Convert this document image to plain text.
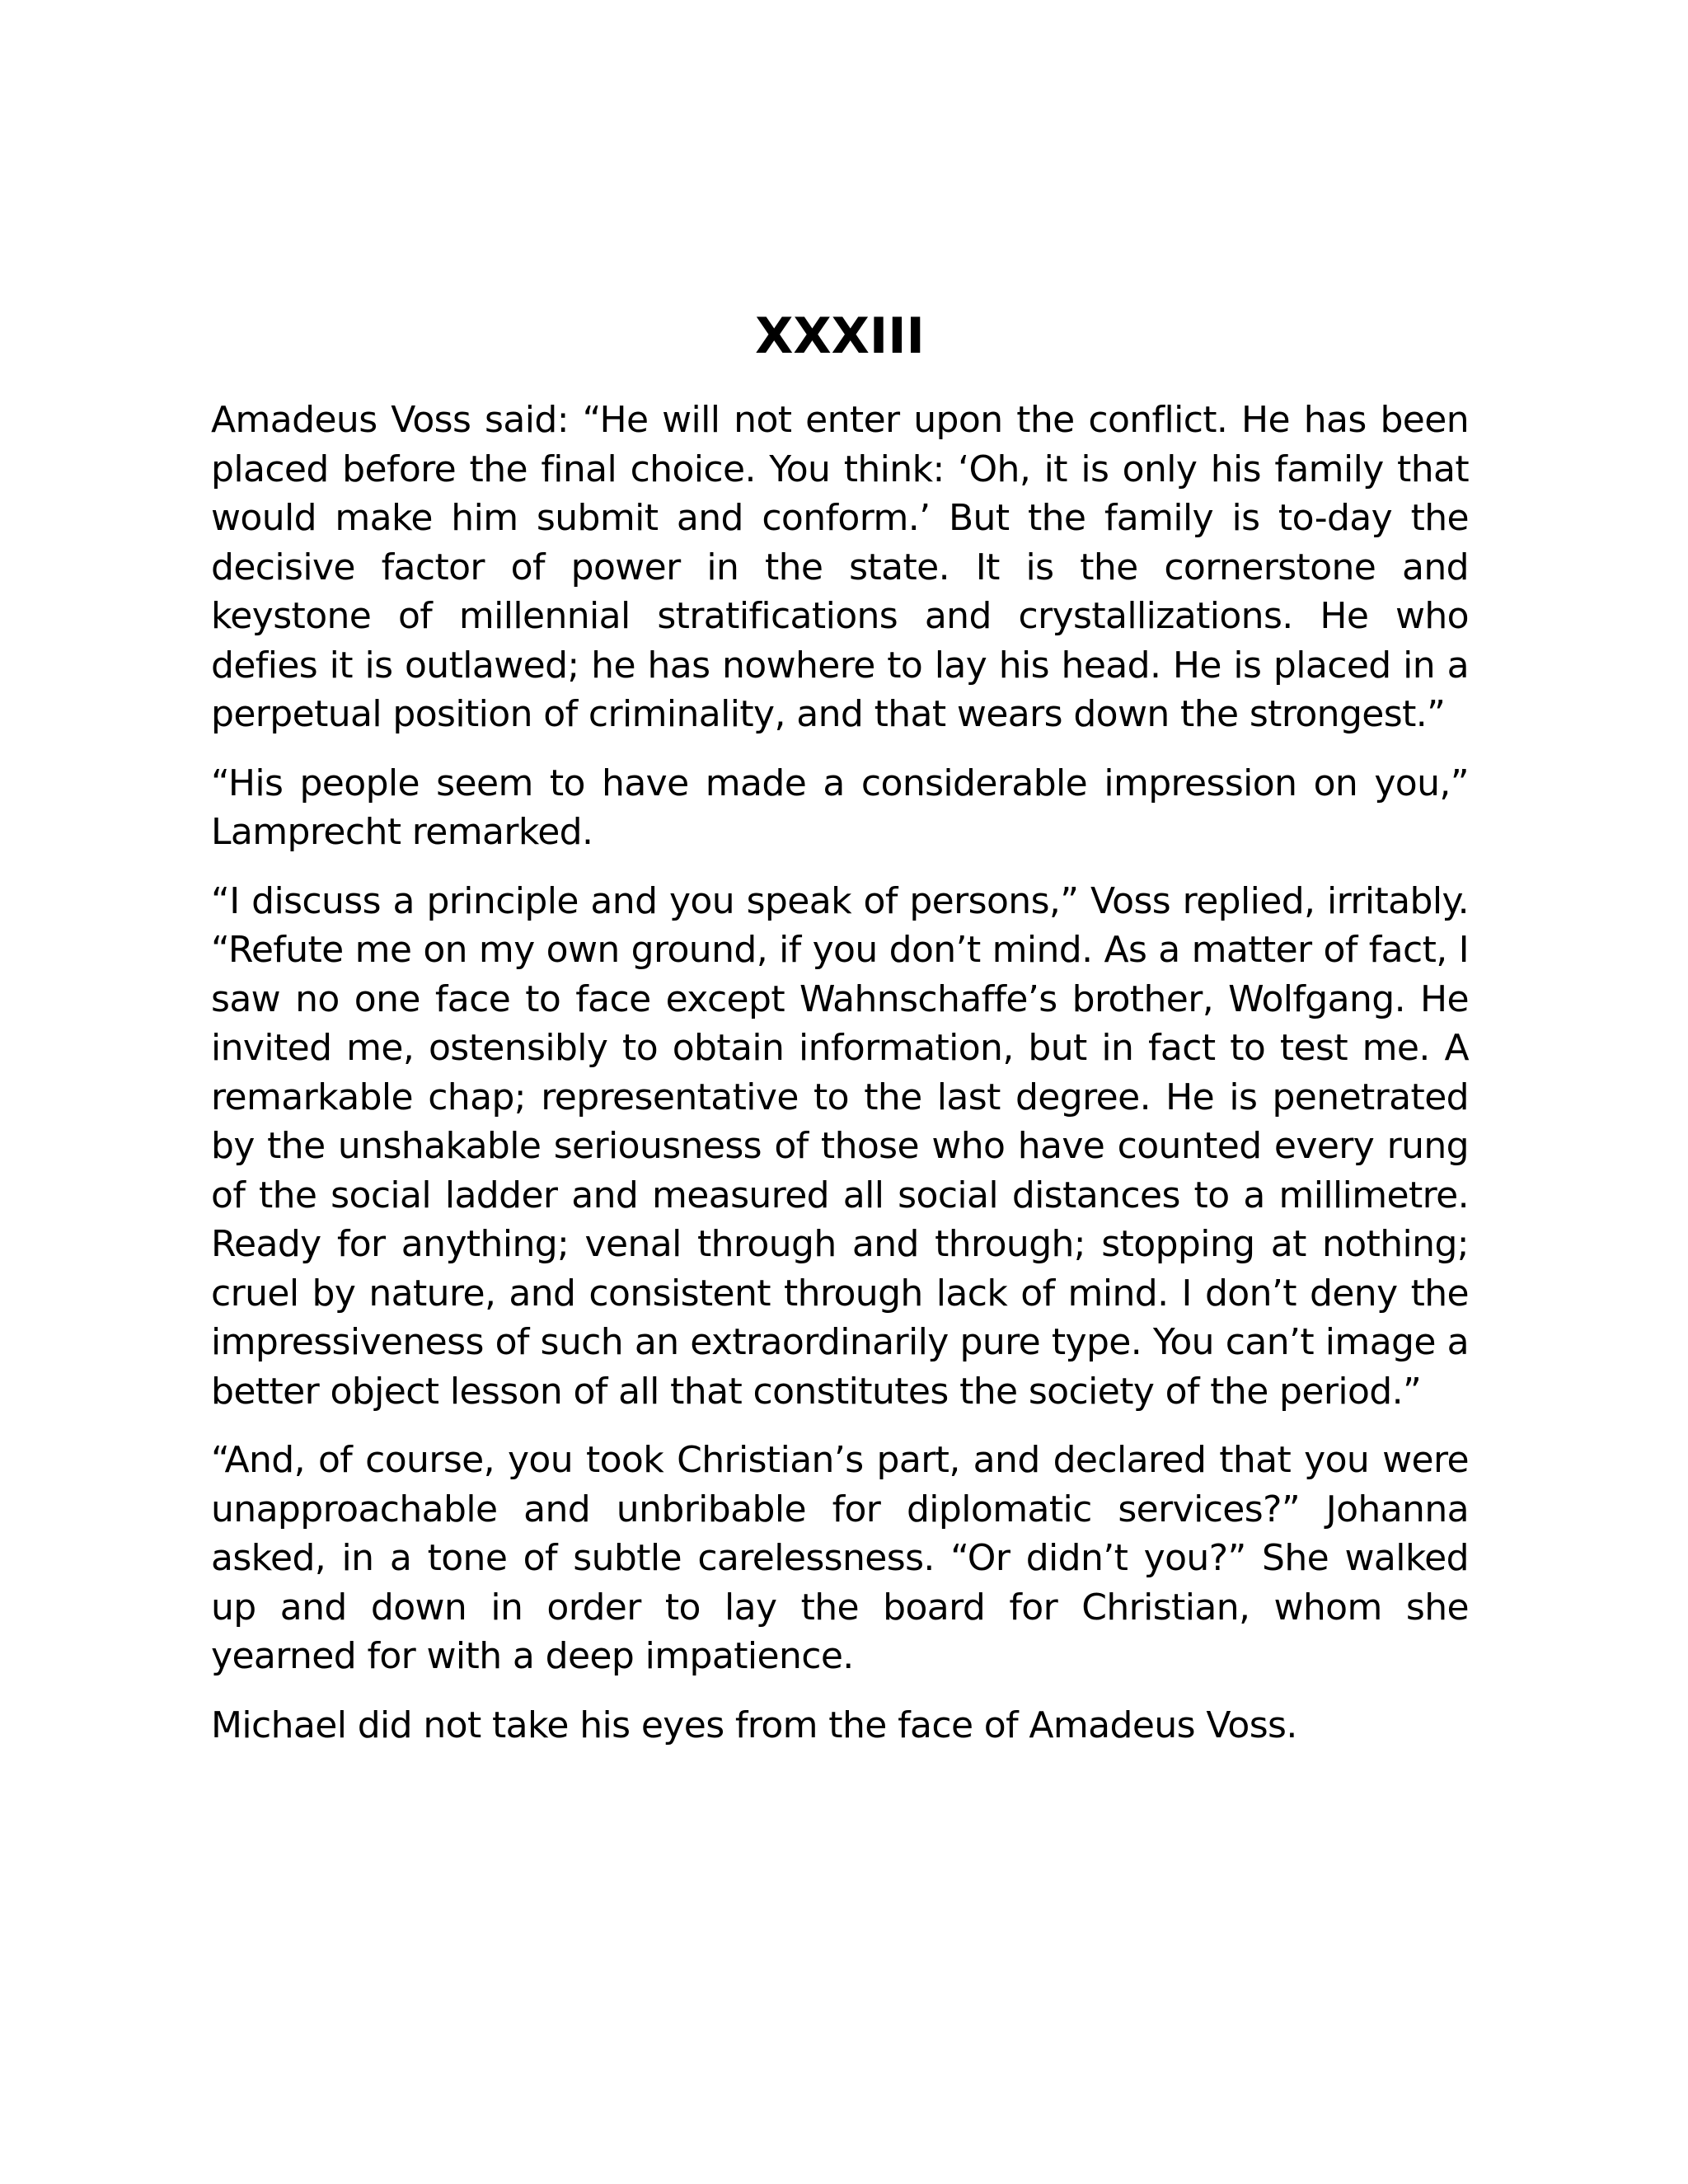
XXXIII

Amadeus Voss said: “He will not enter upon the conflict. He has been placed before the final choice. You think: ‘Oh, it is only his family that would make him submit and conform.’ But the family is to-day the decisive factor of power in the state. It is the cornerstone and keystone of millennial stratifications and crystallizations. He who defies it is outlawed; he has nowhere to lay his head. He is placed in a perpetual position of criminality, and that wears down the strongest.”

“His people seem to have made a considerable impression on you,” Lamprecht remarked.

“I discuss a principle and you speak of persons,” Voss replied, irritably. “Refute me on my own ground, if you don’t mind. As a matter of fact, I saw no one face to face except Wahnschaffe’s brother, Wolfgang. He invited me, ostensibly to obtain information, but in fact to test me. A remarkable chap; representative to the last degree. He is penetrated by the unshakable seriousness of those who have counted every rung of the social ladder and measured all social distances to a millimetre. Ready for anything; venal through and through; stopping at nothing; cruel by nature, and consistent through lack of mind. I don’t deny the impressiveness of such an extraordinarily pure type. You can’t image a better object lesson of all that constitutes the society of the period.”

“And, of course, you took Christian’s part, and declared that you were unapproachable and unbribable for diplomatic services?” Johanna asked, in a tone of subtle carelessness. “Or didn’t you?” She walked up and down in order to lay the board for Christian, whom she yearned for with a deep impatience.

Michael did not take his eyes from the face of Amadeus Voss.
